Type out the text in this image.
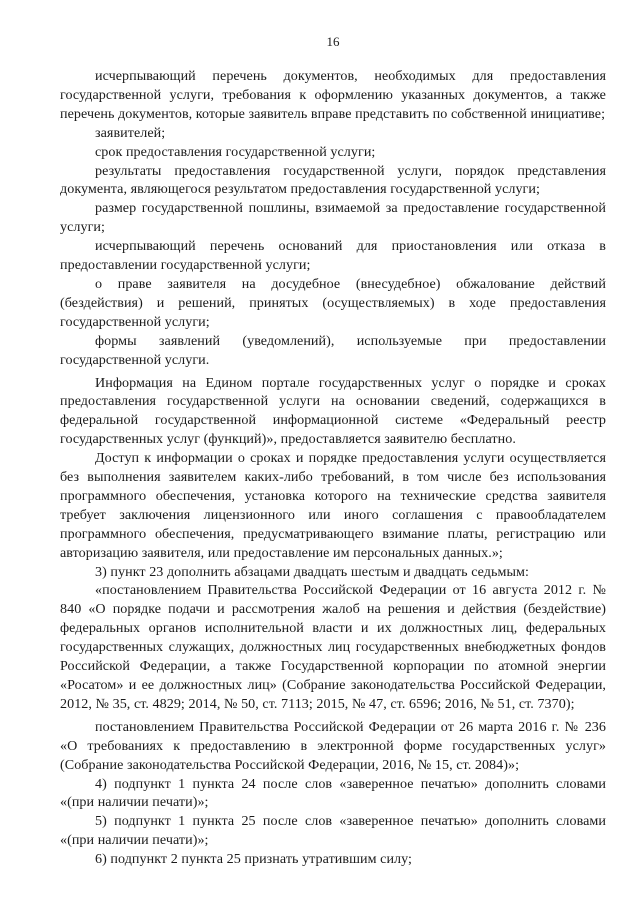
16

исчерпывающий перечень документов, необходимых для предоставления государственной услуги, требования к оформлению указанных документов, а также перечень документов, которые заявитель вправе представить по собственной инициативе;

заявителей;

срок предоставления государственной услуги;

результаты предоставления государственной услуги, порядок представления документа, являющегося результатом предоставления государственной услуги;

размер государственной пошлины, взимаемой за предоставление государственной услуги;

исчерпывающий перечень оснований для приостановления или отказа в предоставлении государственной услуги;

о праве заявителя на досудебное (внесудебное) обжалование действий (бездействия) и решений, принятых (осуществляемых) в ходе предоставления государственной услуги;

формы заявлений (уведомлений), используемые при предоставлении государственной услуги.

Информация на Едином портале государственных услуг о порядке и сроках предоставления государственной услуги на основании сведений, содержащихся в федеральной государственной информационной системе «Федеральный реестр государственных услуг (функций)», предоставляется заявителю бесплатно.

Доступ к информации о сроках и порядке предоставления услуги осуществляется без выполнения заявителем каких-либо требований, в том числе без использования программного обеспечения, установка которого на технические средства заявителя требует заключения лицензионного или иного соглашения с правообладателем программного обеспечения, предусматривающего взимание платы, регистрацию или авторизацию заявителя, или предоставление им персональных данных.»;

3) пункт 23 дополнить абзацами двадцать шестым и двадцать седьмым:

«постановлением Правительства Российской Федерации от 16 августа 2012 г. № 840 «О порядке подачи и рассмотрения жалоб на решения и действия (бездействие) федеральных органов исполнительной власти и их должностных лиц, федеральных государственных служащих, должностных лиц государственных внебюджетных фондов Российской Федерации, а также Государственной корпорации по атомной энергии «Росатом» и ее должностных лиц» (Собрание законодательства Российской Федерации, 2012, № 35, ст. 4829; 2014, № 50, ст. 7113; 2015, № 47, ст. 6596; 2016, № 51, ст. 7370);

постановлением Правительства Российской Федерации от 26 марта 2016 г. № 236 «О требованиях к предоставлению в электронной форме государственных услуг» (Собрание законодательства Российской Федерации, 2016, № 15, ст. 2084)»;

4) подпункт 1 пункта 24 после слов «заверенное печатью» дополнить словами «(при наличии печати)»;

5) подпункт 1 пункта 25 после слов «заверенное печатью» дополнить словами «(при наличии печати)»;

6) подпункт 2 пункта 25 признать утратившим силу;
